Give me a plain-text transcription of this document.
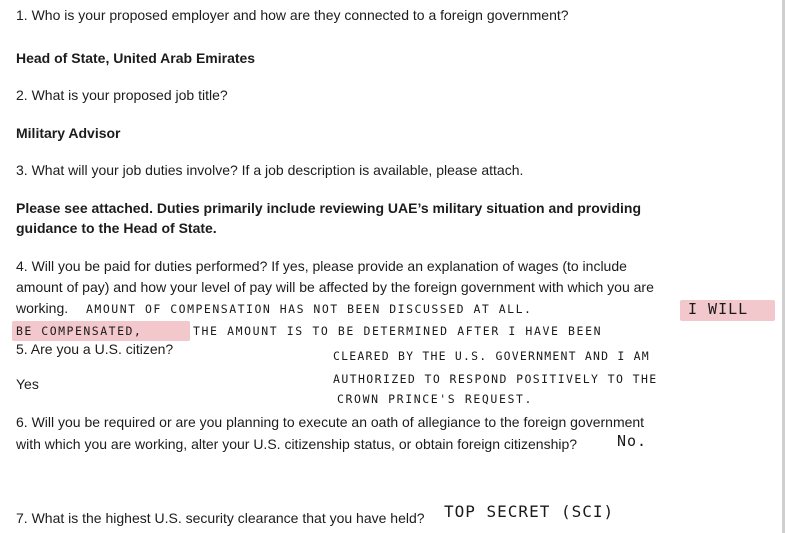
1. Who is your proposed employer and how are they connected to a foreign government?
Head of State, United Arab Emirates
2. What is your proposed job title?
Military Advisor
3. What will your job duties involve? If a job description is available, please attach.
Please see attached. Duties primarily include reviewing UAE’s military situation and providing
guidance to the Head of State.
4. Will you be paid for duties performed? If yes, please provide an explanation of wages (to include
amount of pay) and how your level of pay will be affected by the foreign government with which you are
working. AMOUNT OF COMPENSATION HAS NOT BEEN DISCUSSED AT ALL.	I WILL
BE COMPENSATED,	THE AMOUNT IS TO BE DETERMINED AFTER I HAVE BEEN
5. Are you a U.S. citizen?	CLEARED BY THE U.S. GOVERNMENT AND I AM
Yes	AUTHORIZED TO RESPOND POSITIVELY TO THE
CROWN PRINCE'S REQUEST.
6. Will you be required or are you planning to execute an oath of allegiance to the foreign government
with which you are working, alter your U.S. citizenship status, or obtain foreign citizenship?	No.
7. What is the highest U.S. security clearance that you have held? TOP SECRET (SCI)
